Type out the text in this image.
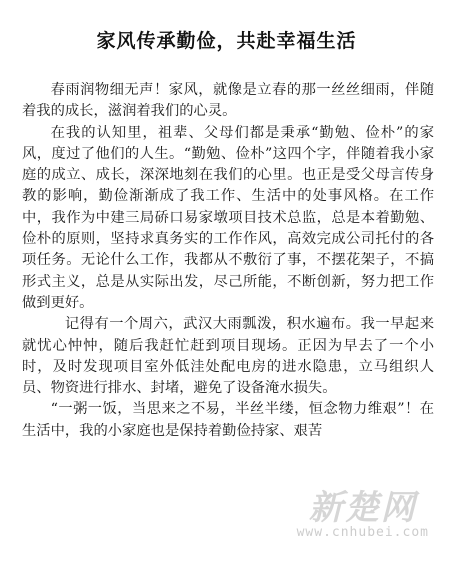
家风传承勤俭，共赴幸福生活

春雨润物细无声！家风，就像是立春的那一丝丝细雨，伴随着我的成长，滋润着我们的心灵。

在我的认知里，祖辈、父母们都是秉承“勤勉、俭朴”的家风，度过了他们的人生。“勤勉、俭朴”这四个字，伴随着我小家庭的成立、成长，深深地刻在我们的心里。也正是受父母言传身教的影响，勤俭渐渐成了我工作、生活中的处事风格。在工作中，我作为中建三局硚口易家墩项目技术总监，总是本着勤勉、俭朴的原则，坚持求真务实的工作作风，高效完成公司托付的各项任务。无论什么工作，我都从不敷衍了事，不摆花架子，不搞形式主义，总是从实际出发，尽己所能，不断创新，努力把工作做到更好。

记得有一个周六，武汉大雨瓢泼，积水遍布。我一早起来就忧心忡忡，随后我赶忙赶到项目现场。正因为早去了一个小时，及时发现项目室外低洼处配电房的进水隐患，立马组织人员、物资进行排水、封堵，避免了设备淹水损失。

“一粥一饭，当思来之不易，半丝半缕，恒念物力维艰”！在生活中，我的小家庭也是保持着勤俭持家、艰苦

新楚网
www.cnhubei.com
